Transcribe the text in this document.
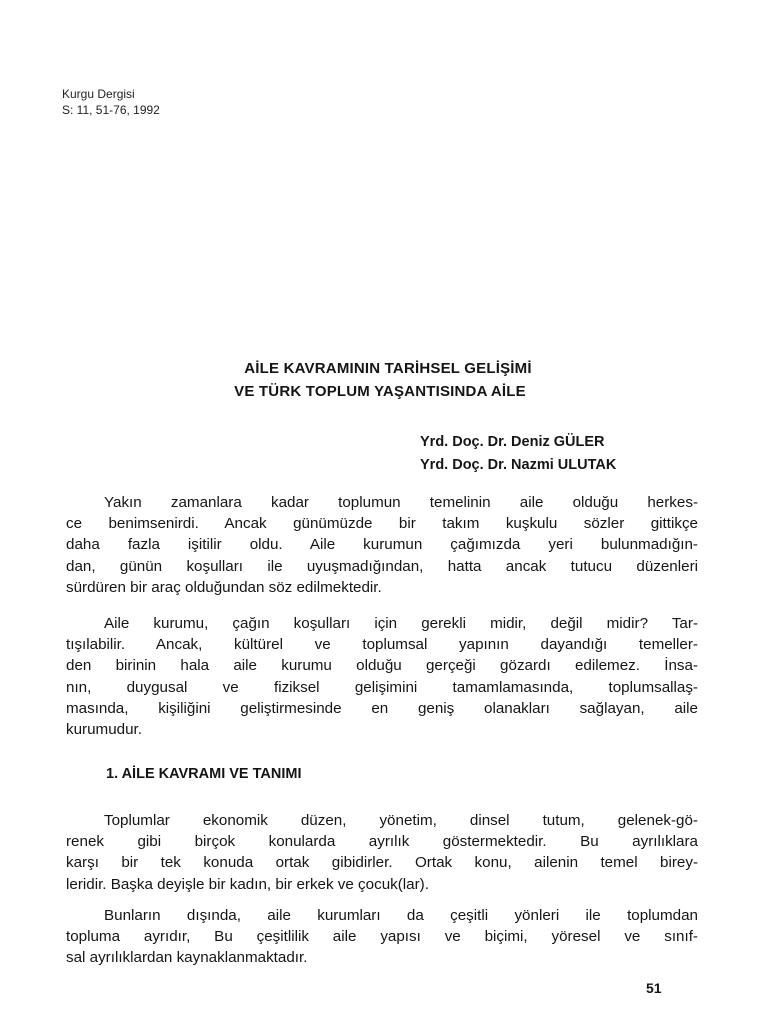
Kurgu Dergisi
S: 11, 51-76, 1992
AİLE KAVRAMININ TARİHSEL GELİŞİMİ
VE TÜRK TOPLUM YAŞANTISINDA AİLE
Yrd. Doç. Dr. Deniz GÜLER
Yrd. Doç. Dr. Nazmi ULUTAK
Yakın zamanlara kadar toplumun temelinin aile olduğu herkes-
ce benimsenirdi. Ancak günümüzde bir takım kuşkulu sözler gittikçe
daha fazla işitilir oldu. Aile kurumun çağımızda yeri bulunmadığın-
dan, günün koşulları ile uyuşmadığından, hatta ancak tutucu düzenleri
sürdüren bir araç olduğundan söz edilmektedir.
Aile kurumu, çağın koşulları için gerekli midir, değil midir? Tar-
tışılabilir. Ancak, kültürel ve toplumsal yapının dayandığı temeller-
den birinin hala aile kurumu olduğu gerçeği gözardı edilemez. İnsa-
nın, duygusal ve fiziksel gelişimini tamamlamasında, toplumsallaş-
masında, kişiliğini geliştirmesinde en geniş olanakları sağlayan, aile
kurumudur.
1. AİLE KAVRAMI VE TANIMI
Toplumlar ekonomik düzen, yönetim, dinsel tutum, gelenek-gö-
renek gibi birçok konularda ayrılık göstermektedir. Bu ayrılıklara
karşı bir tek konuda ortak gibidirler. Ortak konu, ailenin temel birey-
leridir. Başka deyişle bir kadın, bir erkek ve çocuk(lar).
Bunların dışında, aile kurumları da çeşitli yönleri ile toplumdan
topluma ayrıdır, Bu çeşitlilik aile yapısı ve biçimi, yöresel ve sınıf-
sal ayrılıklardan kaynaklanmaktadır.
51
